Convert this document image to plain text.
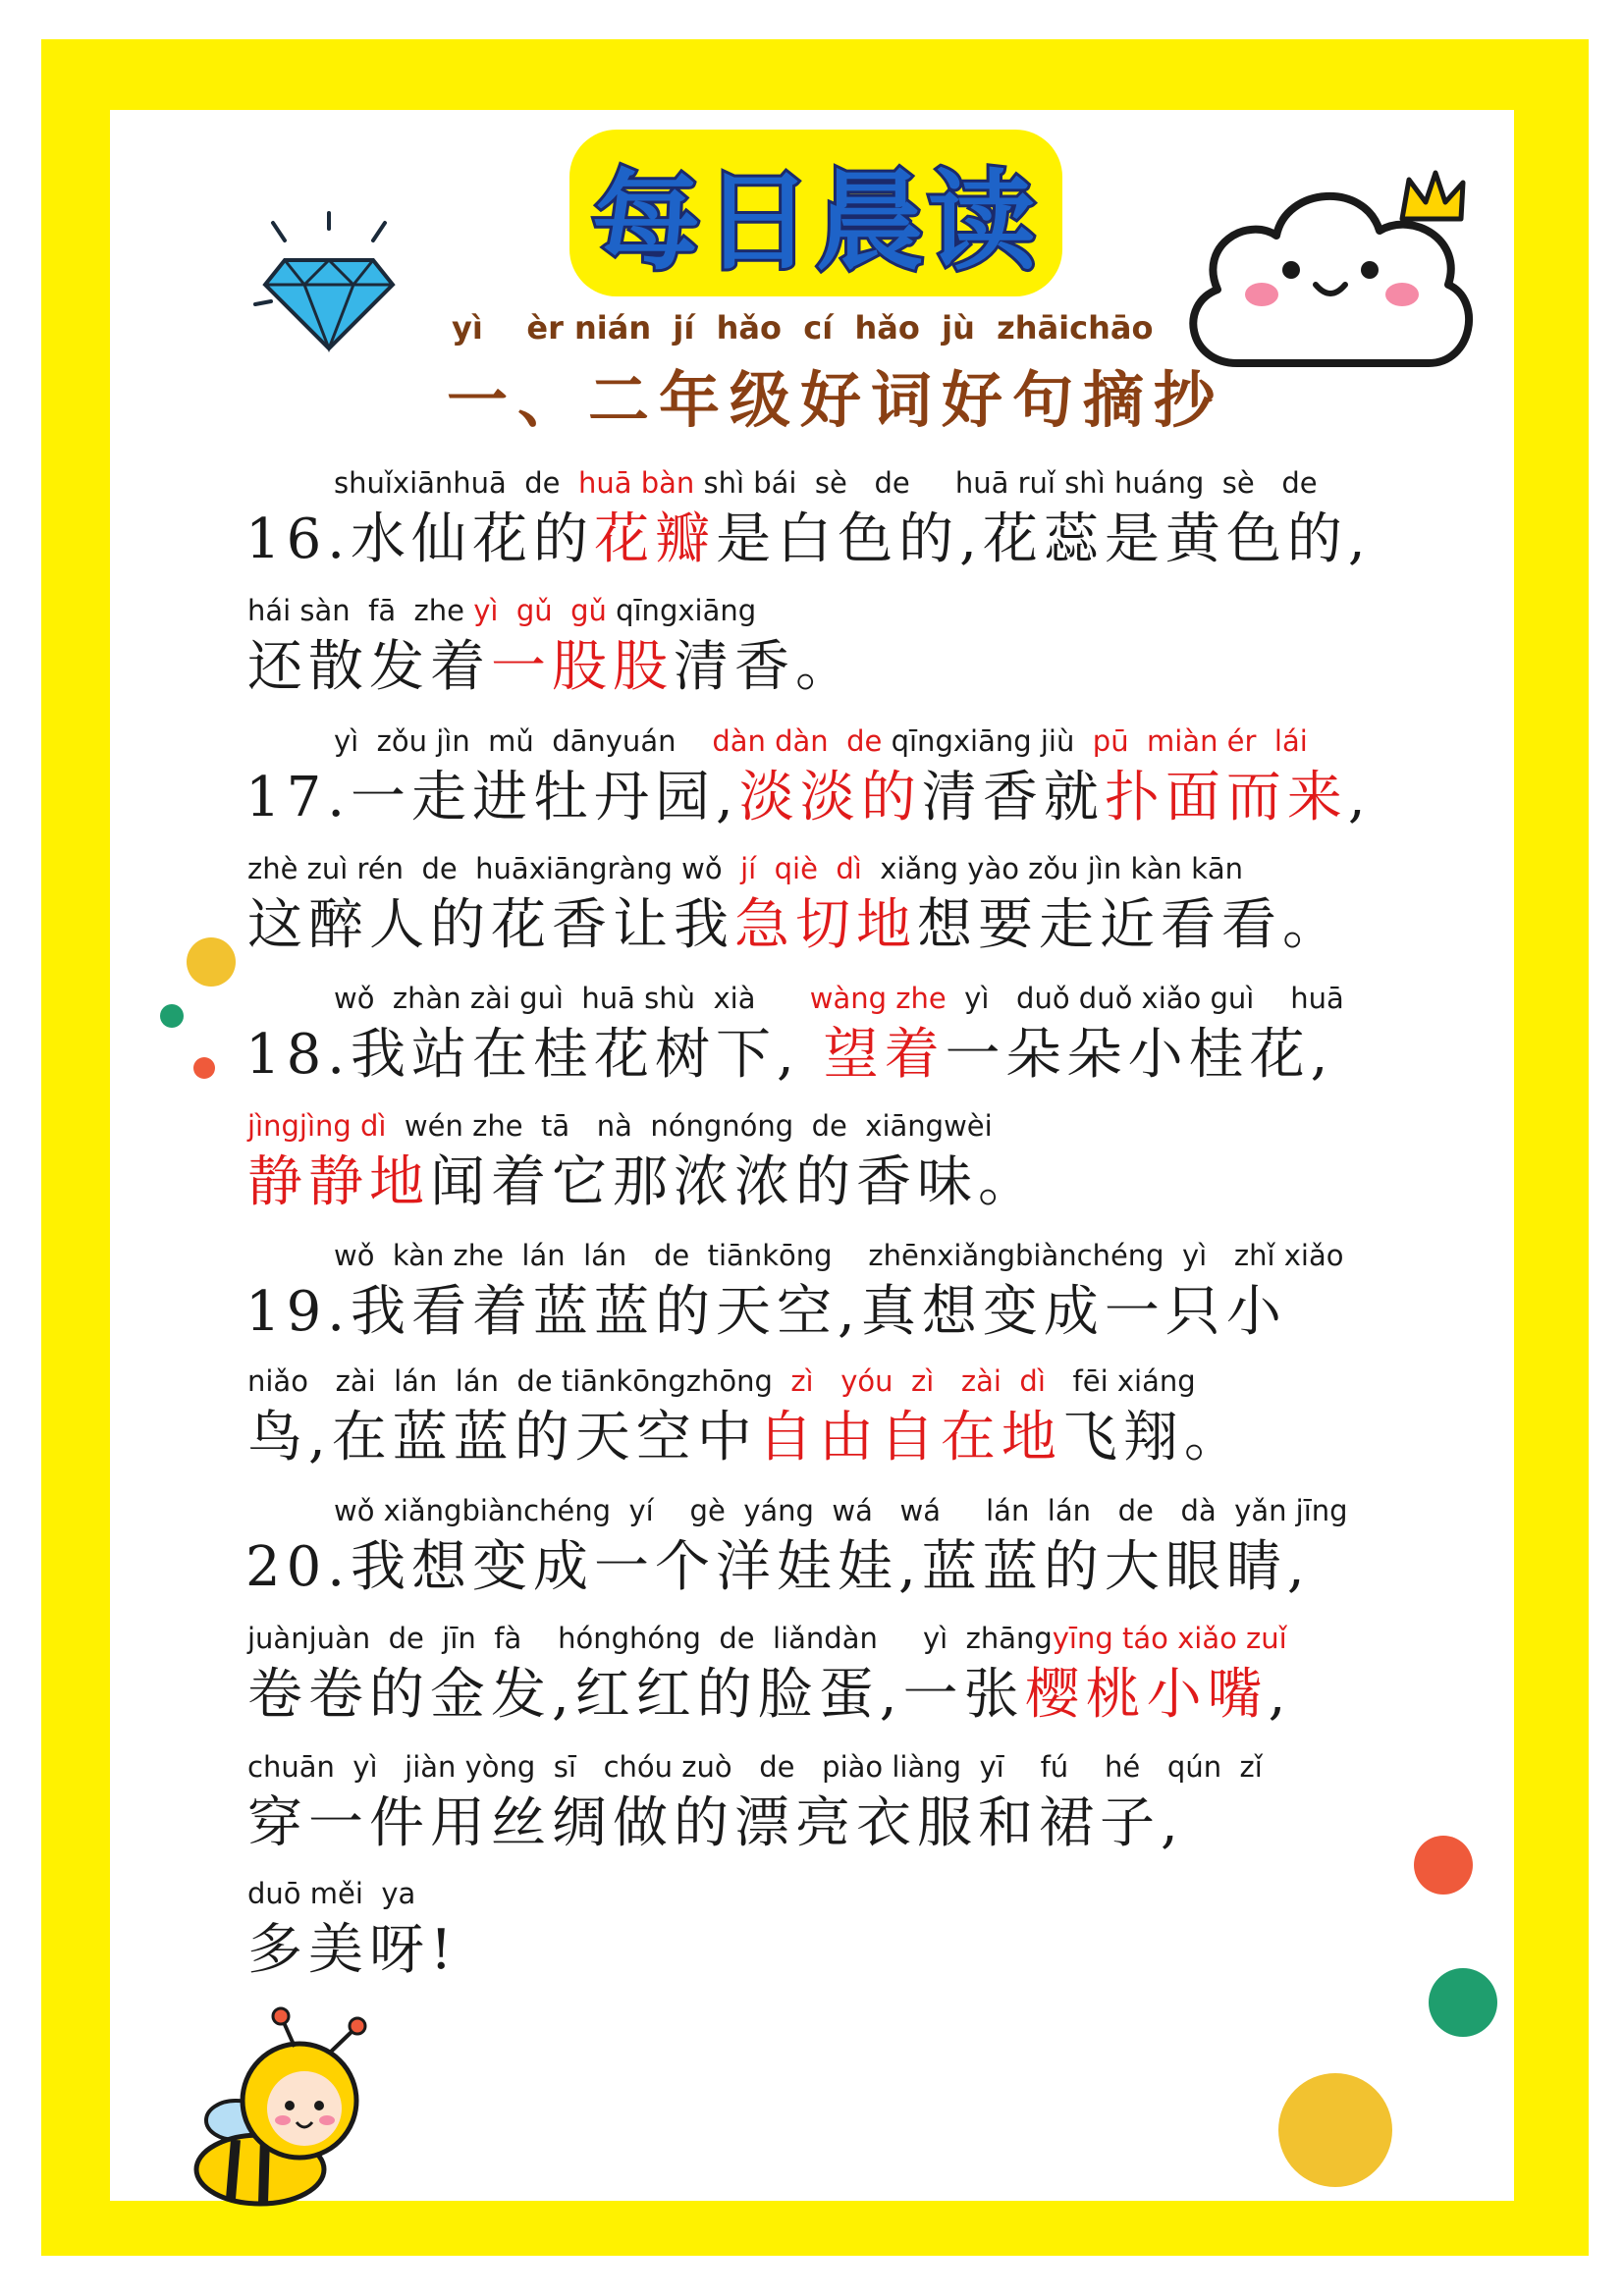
每日晨读
yì    èr nián  jí  hǎo  cí  hǎo  jù  zhāichāo
一、二年级好词好句摘抄
shuǐxiānhuā  de  huā bàn shì bái  sè   de     huā ruǐ shì huáng  sè   de
16.水仙花的花瓣是白色的,花蕊是黄色的,
hái sàn  fā  zhe yì  gǔ  gǔ qīngxiāng
还散发着一股股清香。
yì  zǒu jìn  mǔ  dānyuán    dàn dàn  de qīngxiāng jiù  pū  miàn ér  lái
17.一走进牡丹园,淡淡的清香就扑面而来,
zhè zuì rén  de  huāxiāngràng wǒ  jí  qiè  dì  xiǎng yào zǒu jìn kàn kān
这醉人的花香让我急切地想要走近看看。
wǒ  zhàn zài guì  huā shù  xià      wàng zhe  yì   duǒ duǒ xiǎo guì    huā
18.我站在桂花树下, 望着一朵朵小桂花,
jìngjìng dì  wén zhe  tā   nà  nóngnóng  de  xiāngwèi
静静地闻着它那浓浓的香味。
wǒ  kàn zhe  lán  lán   de  tiānkōng    zhēnxiǎngbiànchéng  yì   zhǐ xiǎo
19.我看着蓝蓝的天空,真想变成一只小
niǎo   zài  lán  lán  de tiānkōngzhōng  zì   yóu  zì   zài  dì   fēi xiáng
鸟,在蓝蓝的天空中自由自在地飞翔。
wǒ xiǎngbiànchéng  yí    gè  yáng  wá   wá     lán  lán   de   dà  yǎn jīng
20.我想变成一个洋娃娃,蓝蓝的大眼睛,
juànjuàn  de  jīn  fà    hónghóng  de  liǎndàn     yì  zhāngyīng táo xiǎo zuǐ
卷卷的金发,红红的脸蛋,一张樱桃小嘴,
chuān  yì   jiàn yòng  sī   chóu zuò   de   piào liàng  yī    fú    hé   qún  zǐ
穿一件用丝绸做的漂亮衣服和裙子,
duō měi  ya
多美呀!
